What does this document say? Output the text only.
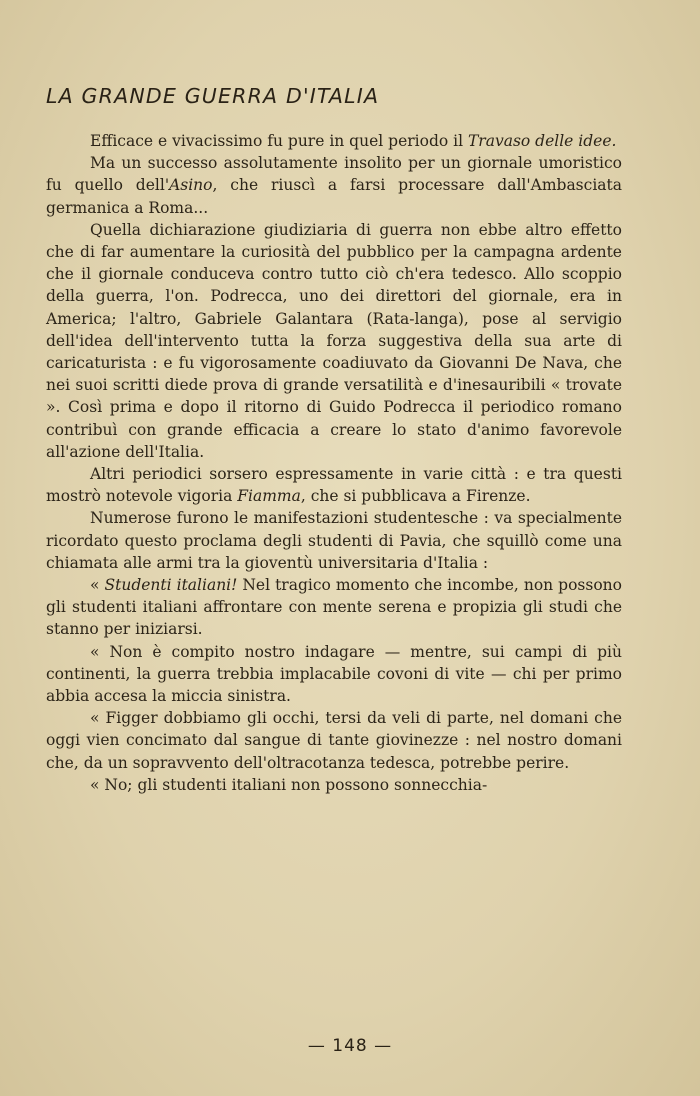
LA GRANDE GUERRA D'ITALIA

Efficace e vivacissimo fu pure in quel periodo il Travaso delle idee.

Ma un successo assolutamente insolito per un giornale umoristico fu quello dell'Asino, che riuscì a farsi processare dall'Ambasciata germanica a Roma...

Quella dichiarazione giudiziaria di guerra non ebbe altro effetto che di far aumentare la curiosità del pubblico per la campagna ardente che il giornale conduceva contro tutto ciò ch'era tedesco. Allo scoppio della guerra, l'on. Podrecca, uno dei direttori del giornale, era in America; l'altro, Gabriele Galantara (Rata-langa), pose al servigio dell'idea dell'intervento tutta la forza suggestiva della sua arte di caricaturista : e fu vigorosamente coadiuvato da Giovanni De Nava, che nei suoi scritti diede prova di grande versatilità e d'inesauribili « trovate ». Così prima e dopo il ritorno di Guido Podrecca il periodico romano contribuì con grande efficacia a creare lo stato d'animo favorevole all'azione dell'Italia.

Altri periodici sorsero espressamente in varie città : e tra questi mostrò notevole vigoria Fiamma, che si pubblicava a Firenze.

Numerose furono le manifestazioni studentesche : va specialmente ricordato questo proclama degli studenti di Pavia, che squillò come una chiamata alle armi tra la gioventù universitaria d'Italia :

« Studenti italiani! Nel tragico momento che incombe, non possono gli studenti italiani affrontare con mente serena e propizia gli studi che stanno per iniziarsi.

« Non è compito nostro indagare — mentre, sui campi di più continenti, la guerra trebbia implacabile covoni di vite — chi per primo abbia accesa la miccia sinistra.

« Figger dobbiamo gli occhi, tersi da veli di parte, nel domani che oggi vien concimato dal sangue di tante giovinezze : nel nostro domani che, da un sopravvento dell'oltracotanza tedesca, potrebbe perire.

« No; gli studenti italiani non possono sonnecchia-

— 148 —
